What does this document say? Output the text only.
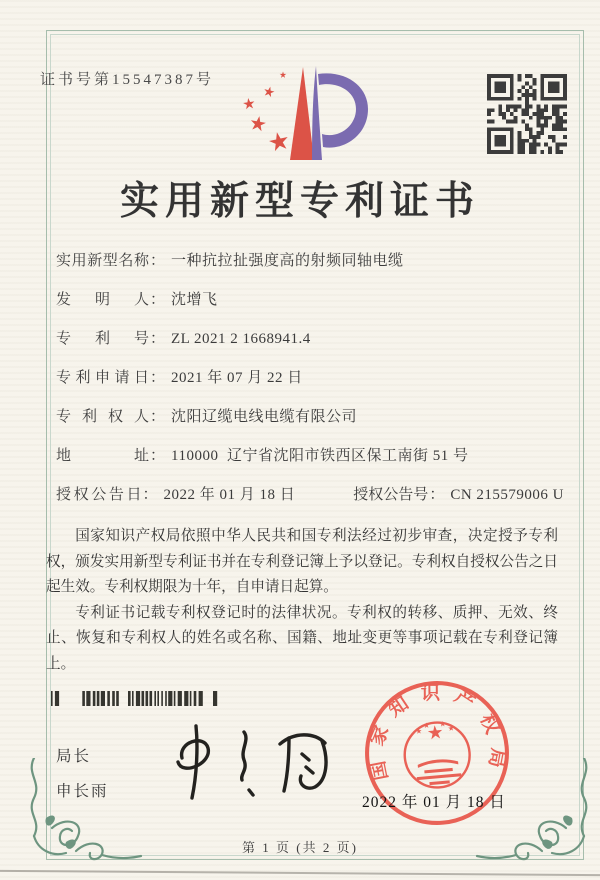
证书号第15547387号
实用新型专利证书
实用新型名称 ： 一种抗拉扯强度高的射频同轴电缆
发明人 ： 沈增飞
专利号 ： ZL 2021 2 1668941.4
专利申请日 ： 2021 年 07 月 22 日
专利权人 ： 沈阳辽缆电线电缆有限公司
地址 ： 110000  辽宁省沈阳市铁西区保工南街 51 号
授权公告日 ： 2022 年 01 月 18 日	授权公告号 ： CN 215579006 U

国家知识产权局依照中华人民共和国专利法经过初步审查，决定授予专利权，颁发实用新型专利证书并在专利登记簿上予以登记。专利权自授权公告之日起生效。专利权期限为十年，自申请日起算。

专利证书记载专利权登记时的法律状况。专利权的转移、质押、无效、终止、恢复和专利权人的姓名或名称、国籍、地址变更等事项记载在专利登记簿上。

局长
申长雨
国家知识产权局
2022 年 01 月 18 日
第 1 页 (共 2 页)
